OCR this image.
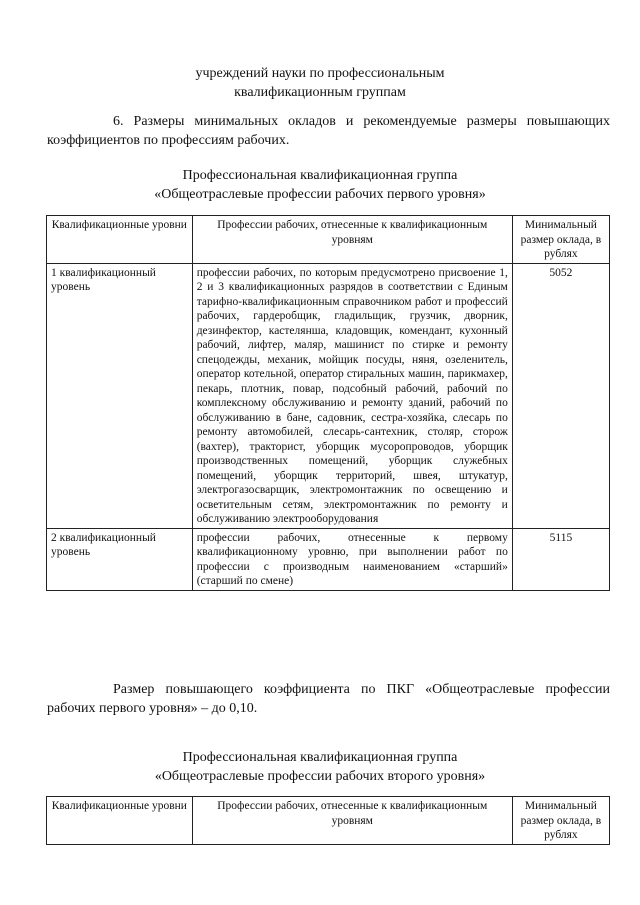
учреждений науки по профессиональным
квалификационным группам
6. Размеры минимальных окладов и рекомендуемые размеры повышающих коэффициентов по профессиям рабочих.
Профессиональная квалификационная группа
«Общеотраслевые профессии рабочих первого уровня»
Квалификационные уровни	Профессии рабочих, отнесенные к квалификационным уровням	Минимальный размер оклада, в рублях
1 квалификационный уровень	профессии рабочих, по которым предусмотрено присвоение 1, 2 и 3 квалификационных разрядов в соответствии с Единым тарифно-квалификационным справочником работ и профессий рабочих, гардеробщик, гладильщик, грузчик, дворник, дезинфектор, кастелянша, кладовщик, комендант, кухонный рабочий, лифтер, маляр, машинист по стирке и ремонту спецодежды, механик, мойщик посуды, няня, озеленитель, оператор котельной, оператор стиральных машин, парикмахер, пекарь, плотник, повар, подсобный рабочий, рабочий по комплексному обслуживанию и ремонту зданий, рабочий по обслуживанию в бане, садовник, сестра-хозяйка, слесарь по ремонту автомобилей, слесарь-сантехник, столяр, сторож (вахтер), тракторист, уборщик мусоропроводов, уборщик производственных помещений, уборщик служебных помещений, уборщик территорий, швея, штукатур, электрогазосварщик, электромонтажник по освещению и осветительным сетям, электромонтажник по ремонту и обслуживанию электрооборудования	5052
2 квалификационный уровень	профессии рабочих, отнесенные к первому квалификационному уровню, при выполнении работ по профессии с производным наименованием «старший» (старший по смене)	5115
Размер повышающего коэффициента по ПКГ «Общеотраслевые профессии рабочих первого уровня» – до 0,10.
Профессиональная квалификационная группа
«Общеотраслевые профессии рабочих второго уровня»
Квалификационные уровни	Профессии рабочих, отнесенные к квалификационным уровням	Минимальный размер оклада, в рублях
